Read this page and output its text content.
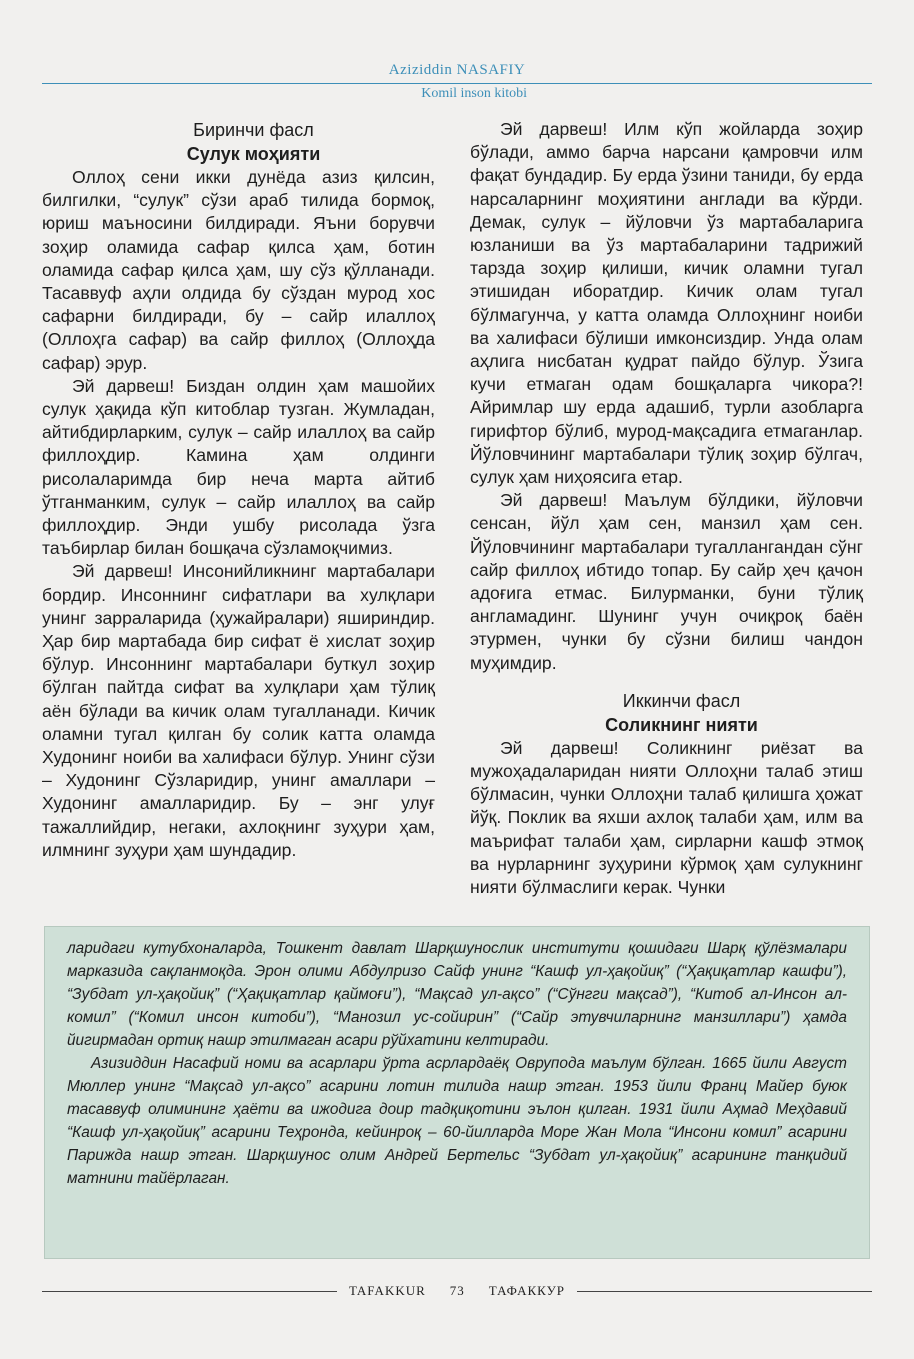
Aziziddin NASAFIY
Komil inson kitobi

Биринчи фасл

Сулук моҳияти

Оллоҳ сени икки дунёда азиз қилсин, билгилки, “сулук” сўзи араб тилида бормоқ, юриш маъносини билдиради. Яъни борувчи зоҳир оламида сафар қилса ҳам, ботин оламида сафар қилса ҳам, шу сўз қўлланади. Тасаввуф аҳли олдида бу сўздан мурод хос сафарни билдиради, бу – сайр илаллоҳ (Оллоҳга сафар) ва сайр филлоҳ (Оллоҳда сафар) эрур.

Эй дарвеш! Биздан олдин ҳам машойих сулук ҳақида кўп китоблар тузган. Жумладан, айтибдирларким, сулук – сайр илаллоҳ ва сайр филлоҳдир. Камина ҳам олдинги рисолаларимда бир неча марта айтиб ўтганманким, сулук – сайр илаллоҳ ва сайр филлоҳдир. Энди ушбу рисолада ўзга таъбирлар билан бошқача сўзламоқчимиз.

Эй дарвеш! Инсонийликнинг мартабалари бордир. Инсоннинг сифатлари ва хулқлари унинг зарраларида (ҳужайралари) яшириндир. Ҳар бир мартабада бир сифат ё хислат зоҳир бўлур. Инсоннинг мартабалари буткул зоҳир бўлган пайтда сифат ва хулқлари ҳам тўлиқ аён бўлади ва кичик олам тугалланади. Кичик оламни тугал қилган бу солик катта оламда Худонинг ноиби ва халифаси бўлур. Унинг сўзи – Худонинг Сўзларидир, унинг амаллари – Худонинг амалларидир. Бу – энг улуғ тажаллийдир, негаки, ахлоқнинг зуҳури ҳам, илмнинг зуҳури ҳам шундадир.

Эй дарвеш! Илм кўп жойларда зоҳир бўлади, аммо барча нарсани қамровчи илм фақат бундадир. Бу ерда ўзини таниди, бу ерда нарсаларнинг моҳиятини англади ва кўрди. Демак, сулук – йўловчи ўз мартабаларига юзланиши ва ўз мартабаларини тадрижий тарзда зоҳир қилиши, кичик оламни тугал этишидан иборатдир. Кичик олам тугал бўлмагунча, у катта оламда Оллоҳнинг ноиби ва халифаси бўлиши имконсиздир. Унда олам аҳлига нисбатан қудрат пайдо бўлур. Ўзига кучи етмаган одам бошқаларга чикора?! Айримлар шу ерда адашиб, турли азобларга гирифтор бўлиб, мурод-мақсадига етмаганлар. Йўловчининг мартабалари тўлиқ зоҳир бўлгач, сулук ҳам ниҳоясига етар.

Эй дарвеш! Маълум бўлдики, йўловчи сенсан, йўл ҳам сен, манзил ҳам сен. Йўловчининг мартабалари тугаллангандан сўнг сайр филлоҳ ибтидо топар. Бу сайр ҳеч қачон адоғига етмас. Билурманки, буни тўлиқ англамадинг. Шунинг учун очиқроқ баён этурмен, чунки бу сўзни билиш чандон муҳимдир.

Иккинчи фасл

Соликнинг нияти

Эй дарвеш! Соликнинг риёзат ва мужоҳадаларидан нияти Оллоҳни талаб этиш бўлмасин, чунки Оллоҳни талаб қилишга ҳожат йўқ. Поклик ва яхши ахлоқ талаби ҳам, илм ва маърифат талаби ҳам, сирларни кашф этмоқ ва нурларнинг зуҳурини кўрмоқ ҳам сулукнинг нияти бўлмаслиги керак. Чунки

ларидаги кутубхоналарда, Тошкент давлат Шарқшунослик институти қошидаги Шарқ қўлёзмалари марказида сақланмоқда. Эрон олими Абдулризо Сайф унинг “Кашф ул-ҳақойиқ” (“Ҳақиқатлар кашфи”), “Зубдат ул-ҳақойиқ” (“Ҳақиқатлар қаймоғи”), “Мақсад ул-ақсо” (“Сўнгги мақсад”), “Китоб ал-Инсон ал-комил” (“Комил инсон китоби”), “Манозил ус-сойирин” (“Сайр этувчиларнинг манзиллари”) ҳамда йигирмадан ортиқ нашр этилмаган асари рўйхатини келтиради.

Азизиддин Насафий номи ва асарлари ўрта асрлардаёқ Оврупода маълум бўлган. 1665 йили Август Мюллер унинг “Мақсад ул-ақсо” асарини лотин тилида нашр этган. 1953 йили Франц Майер буюк тасаввуф олимининг ҳаёти ва ижодига доир тадқиқотини эълон қилган. 1931 йили Аҳмад Меҳдавий “Кашф ул-ҳақойиқ” асарини Теҳронда, кейинроқ – 60-йилларда Море Жан Мола “Инсони комил” асарини Парижда нашр этган. Шарқшунос олим Андрей Бертельс “Зубдат ул-ҳақойиқ” асарининг танқидий матнини тайёрлаган.

TAFAKKUR	73	ТАФАККУР
